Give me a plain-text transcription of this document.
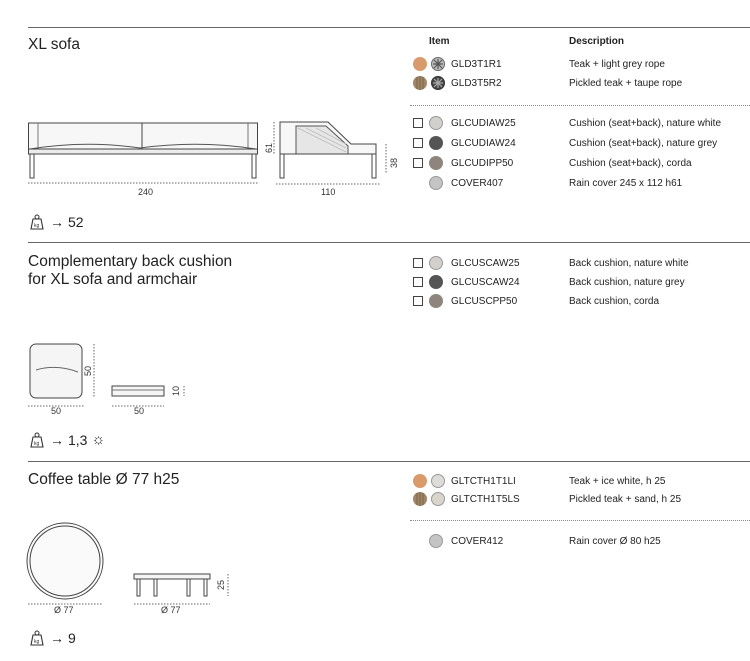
XL sofa	Item	Description
GLD3T1R1	Teak + light grey rope
GLD3T5R2	Pickled teak + taupe rope
GLCUDIAW25	Cushion (seat+back), nature white
GLCUDIAW24	Cushion (seat+back), nature grey
GLCUDIPP50	Cushion (seat+back), corda
COVER407	Rain cover 245 x 112 h61
240
61
38
110
kg → 52
Complementary back cushion
for XL sofa and armchair
GLCUSCAW25	Back cushion, nature white
GLCUSCAW24	Back cushion, nature grey
GLCUSCPP50	Back cushion, corda
50
50	50
10
kg → 1,3 ☼
Coffee table Ø 77 h25	GLTCTH1T1LI	Teak + ice white, h 25
GLTCTH1T5LS	Pickled teak + sand, h 25
COVER412	Rain cover Ø 80 h25
Ø 77	Ø 77
25
kg → 9
